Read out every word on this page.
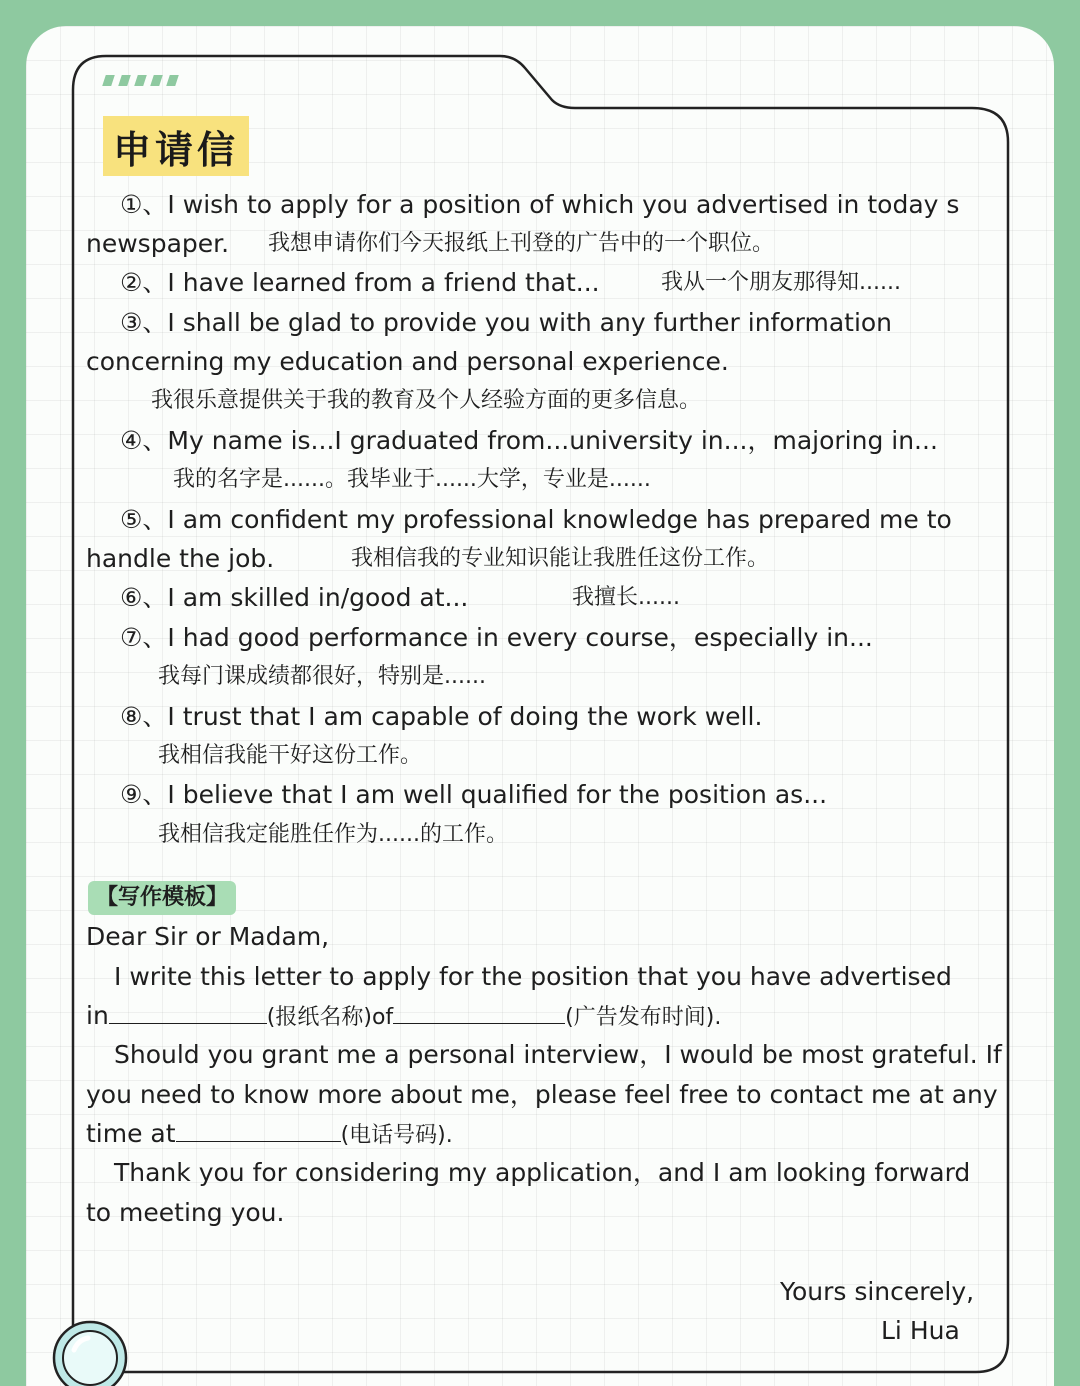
申请信
①、I wish to apply for a position of which you advertised in today s
newspaper. 我想申请你们今天报纸上刊登的广告中的一个职位。
②、I have learned from a friend that...	我从一个朋友那得知......
③、I shall be glad to provide you with any further information
concerning my education and personal experience.
我很乐意提供关于我的教育及个人经验方面的更多信息。
④、My name is...I graduated from...university in...，majoring in...
我的名字是......。我毕业于......大学，专业是......
⑤、I am confident my professional knowledge has prepared me to
handle the job.	我相信我的专业知识能让我胜任这份工作。
⑥、I am skilled in/good at...	我擅长......
⑦、I had good performance in every course，especially in...
我每门课成绩都很好，特别是......
⑧、I trust that I am capable of doing the work well.
我相信我能干好这份工作。
⑨、I believe that I am well qualified for the position as...
我相信我定能胜任作为......的工作。
【写作模板】
Dear Sir or Madam,
I write this letter to apply for the position that you have advertised
in	(报纸名称)of	(广告发布时间).
Should you grant me a personal interview，I would be most grateful. If
you need to know more about me，please feel free to contact me at any
time at	(电话号码).
Thank you for considering my application，and I am looking forward
to meeting you.
Yours sincerely,
Li Hua
